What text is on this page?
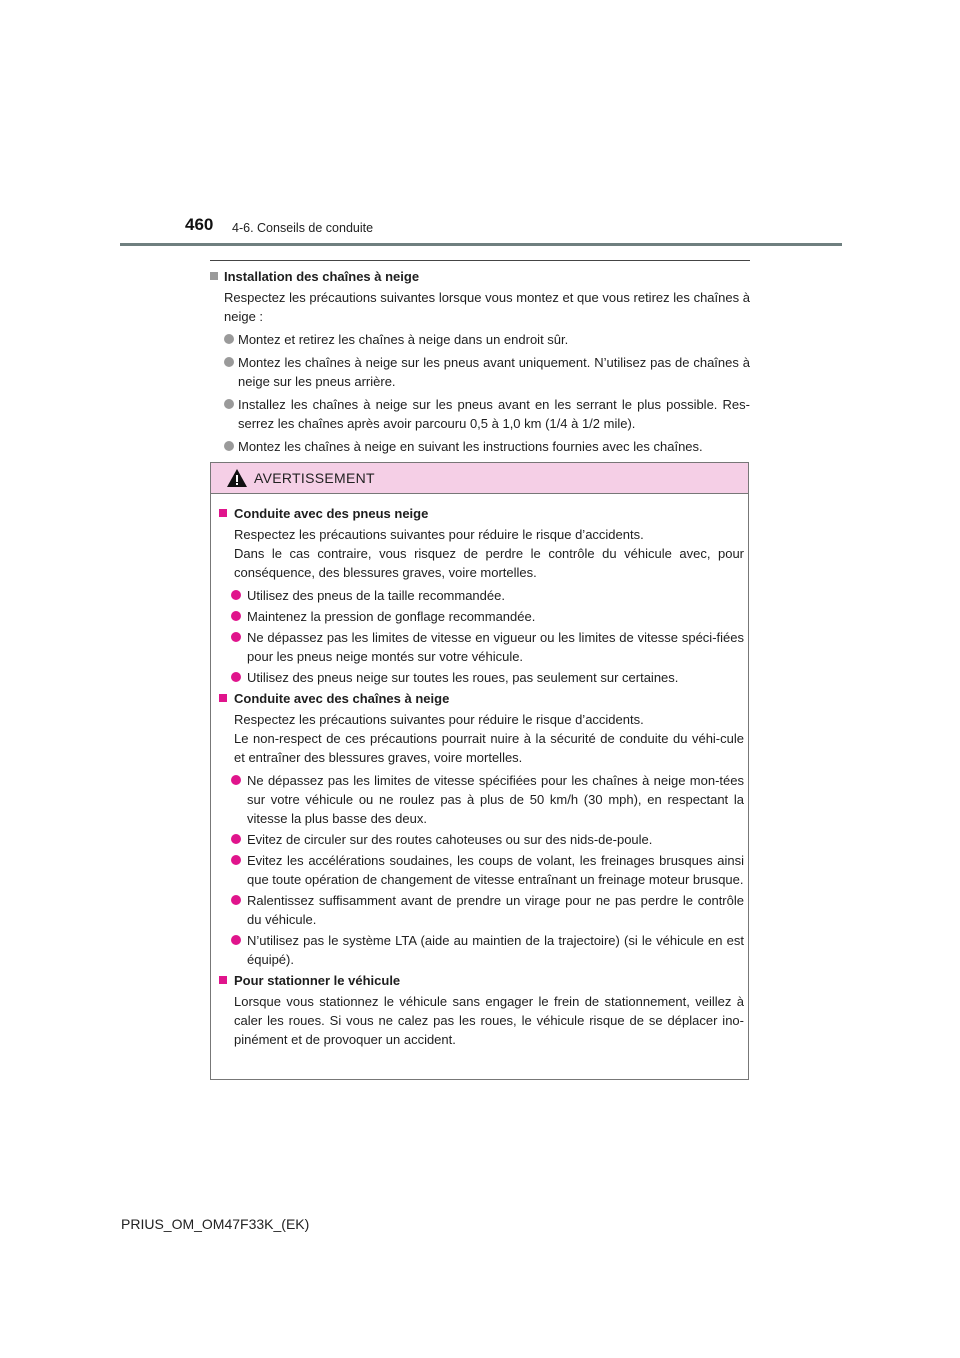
460 4-6. Conseils de conduite
Installation des chaînes à neige
Respectez les précautions suivantes lorsque vous montez et que vous retirez les chaînes à neige :
Montez et retirez les chaînes à neige dans un endroit sûr.
Montez les chaînes à neige sur les pneus avant uniquement. N’utilisez pas de chaînes à neige sur les pneus arrière.
Installez les chaînes à neige sur les pneus avant en les serrant le plus possible. Res-serrez les chaînes après avoir parcouru 0,5 à 1,0 km (1/4 à 1/2 mile).
Montez les chaînes à neige en suivant les instructions fournies avec les chaînes.
AVERTISSEMENT
Conduite avec des pneus neige
Respectez les précautions suivantes pour réduire le risque d’accidents.
Dans le cas contraire, vous risquez de perdre le contrôle du véhicule avec, pour conséquence, des blessures graves, voire mortelles.
Utilisez des pneus de la taille recommandée.
Maintenez la pression de gonflage recommandée.
Ne dépassez pas les limites de vitesse en vigueur ou les limites de vitesse spéci-fiées pour les pneus neige montés sur votre véhicule.
Utilisez des pneus neige sur toutes les roues, pas seulement sur certaines.
Conduite avec des chaînes à neige
Respectez les précautions suivantes pour réduire le risque d’accidents.
Le non-respect de ces précautions pourrait nuire à la sécurité de conduite du véhi-cule et entraîner des blessures graves, voire mortelles.
Ne dépassez pas les limites de vitesse spécifiées pour les chaînes à neige mon-tées sur votre véhicule ou ne roulez pas à plus de 50 km/h (30 mph), en respectant la vitesse la plus basse des deux.
Evitez de circuler sur des routes cahoteuses ou sur des nids-de-poule.
Evitez les accélérations soudaines, les coups de volant, les freinages brusques ainsi que toute opération de changement de vitesse entraînant un freinage moteur brusque.
Ralentissez suffisamment avant de prendre un virage pour ne pas perdre le contrôle du véhicule.
N’utilisez pas le système LTA (aide au maintien de la trajectoire) (si le véhicule en est équipé).
Pour stationner le véhicule
Lorsque vous stationnez le véhicule sans engager le frein de stationnement, veillez à caler les roues. Si vous ne calez pas les roues, le véhicule risque de se déplacer ino-pinément et de provoquer un accident.
PRIUS_OM_OM47F33K_(EK)
